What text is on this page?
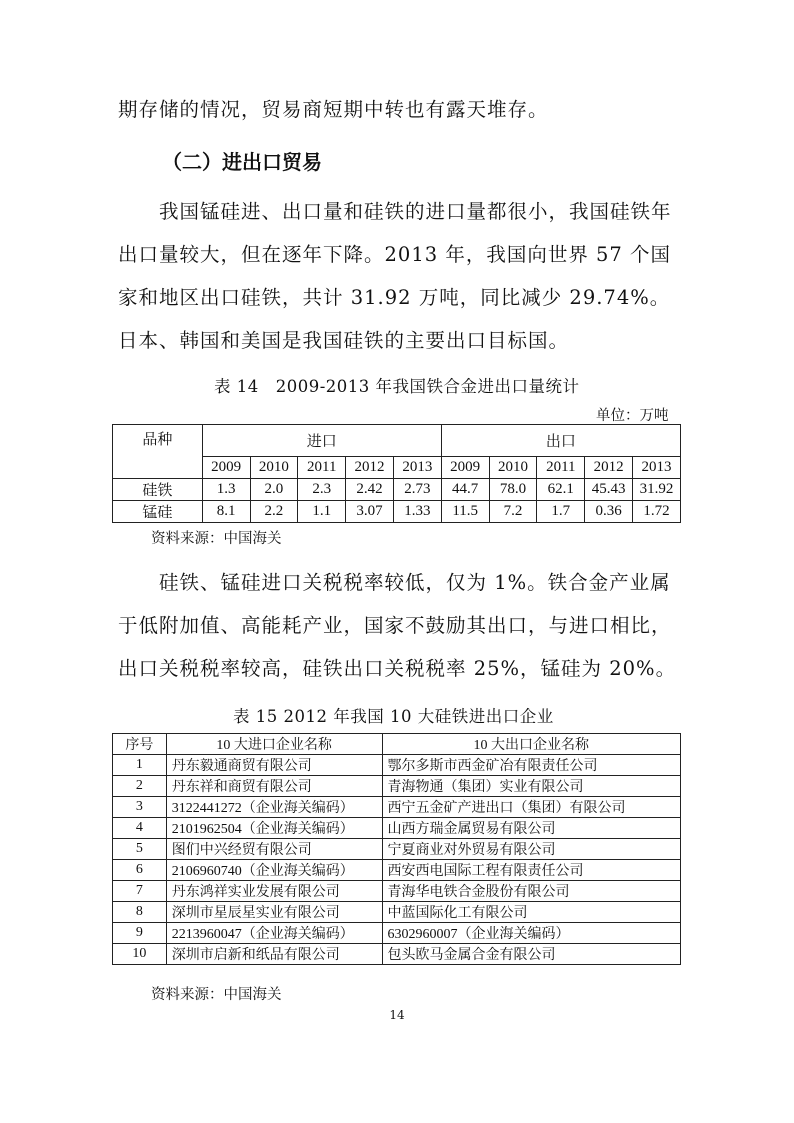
期存储的情况，贸易商短期中转也有露天堆存。

（二）进出口贸易

　　我国锰硅进、出口量和硅铁的进口量都很小，我国硅铁年出口量较大，但在逐年下降。2013 年，我国向世界 57 个国家和地区出口硅铁，共计 31.92 万吨，同比减少 29.74%。日本、韩国和美国是我国硅铁的主要出口目标国。

表 14　2009-2013 年我国铁合金进出口量统计
单位：万吨
品种	进口					出口				
	2009	2010	2011	2012	2013	2009	2010	2011	2012	2013
硅铁	1.3	2.0	2.3	2.42	2.73	44.7	78.0	62.1	45.43	31.92
锰硅	8.1	2.2	1.1	3.07	1.33	11.5	7.2	1.7	0.36	1.72
资料来源：中国海关

　　硅铁、锰硅进口关税税率较低，仅为 1%。铁合金产业属于低附加值、高能耗产业，国家不鼓励其出口，与进口相比，出口关税税率较高，硅铁出口关税税率 25%，锰硅为 20%。

表 15 2012 年我国 10 大硅铁进出口企业
序号	10 大进口企业名称	10 大出口企业名称
1	丹东毅通商贸有限公司	鄂尔多斯市西金矿冶有限责任公司
2	丹东祥和商贸有限公司	青海物通（集团）实业有限公司
3	3122441272（企业海关编码）	西宁五金矿产进出口（集团）有限公司
4	2101962504（企业海关编码）	山西方瑞金属贸易有限公司
5	图们中兴经贸有限公司	宁夏商业对外贸易有限公司
6	2106960740（企业海关编码）	西安西电国际工程有限责任公司
7	丹东鸿祥实业发展有限公司	青海华电铁合金股份有限公司
8	深圳市星辰星实业有限公司	中蓝国际化工有限公司
9	2213960047（企业海关编码）	6302960007（企业海关编码）
10	深圳市启新和纸品有限公司	包头欧马金属合金有限公司
资料来源：中国海关
14
